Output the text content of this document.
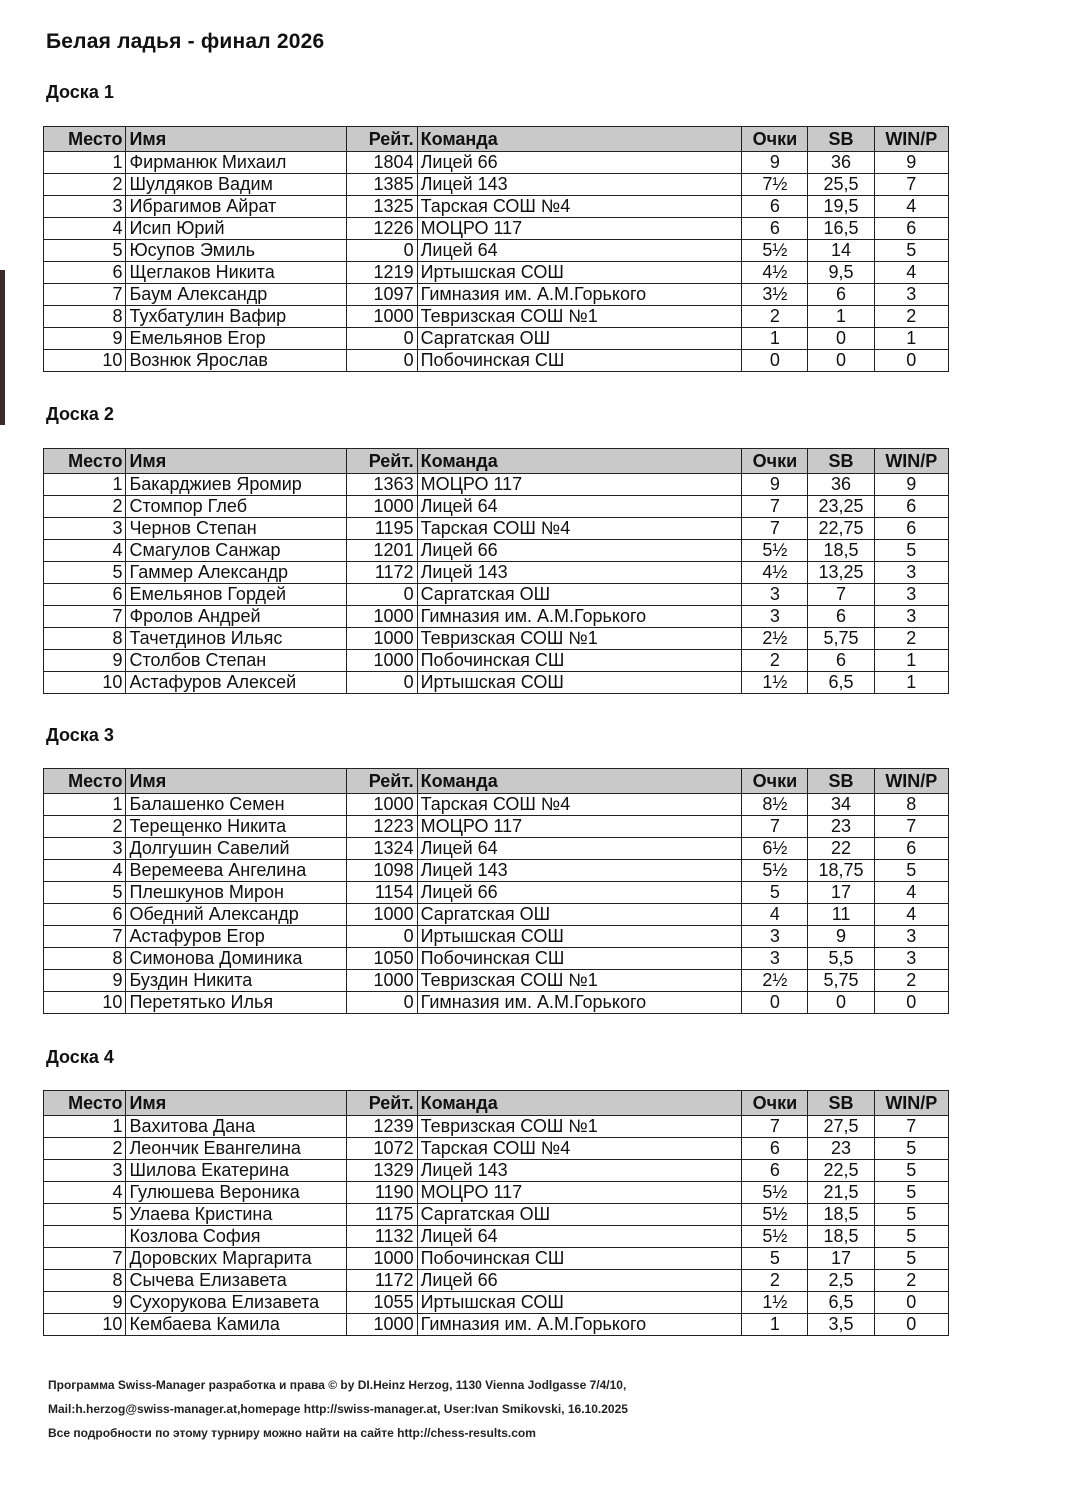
Белая ладья - финал 2026
Доска 1
Место	Имя	Рейт.	Команда	Очки	SB	WIN/P
1	Фирманюк Михаил	1804	Лицей 66	9	36	9
2	Шулдяков Вадим	1385	Лицей 143	7½	25,5	7
3	Ибрагимов Айрат	1325	Тарская СОШ №4	6	19,5	4
4	Исип Юрий	1226	МОЦРО 117	6	16,5	6
5	Юсупов Эмиль	0	Лицей 64	5½	14	5
6	Щеглаков Никита	1219	Иртышская СОШ	4½	9,5	4
7	Баум Александр	1097	Гимназия им. А.М.Горького	3½	6	3
8	Тухбатулин Вафир	1000	Тевризская СОШ №1	2	1	2
9	Емельянов Егор	0	Саргатская ОШ	1	0	1
10	Вознюк Ярослав	0	Побочинская СШ	0	0	0
Доска 2
Место	Имя	Рейт.	Команда	Очки	SB	WIN/P
1	Бакарджиев Яромир	1363	МОЦРО 117	9	36	9
2	Стомпор Глеб	1000	Лицей 64	7	23,25	6
3	Чернов Степан	1195	Тарская СОШ №4	7	22,75	6
4	Смагулов Санжар	1201	Лицей 66	5½	18,5	5
5	Гаммер Александр	1172	Лицей 143	4½	13,25	3
6	Емельянов Гордей	0	Саргатская ОШ	3	7	3
7	Фролов Андрей	1000	Гимназия им. А.М.Горького	3	6	3
8	Тачетдинов Ильяс	1000	Тевризская СОШ №1	2½	5,75	2
9	Столбов Степан	1000	Побочинская СШ	2	6	1
10	Астафуров Алексей	0	Иртышская СОШ	1½	6,5	1
Доска 3
Место	Имя	Рейт.	Команда	Очки	SB	WIN/P
1	Балашенко Семен	1000	Тарская СОШ №4	8½	34	8
2	Терещенко Никита	1223	МОЦРО 117	7	23	7
3	Долгушин Савелий	1324	Лицей 64	6½	22	6
4	Веремеева Ангелина	1098	Лицей 143	5½	18,75	5
5	Плешкунов Мирон	1154	Лицей 66	5	17	4
6	Обедний Александр	1000	Саргатская ОШ	4	11	4
7	Астафуров Егор	0	Иртышская СОШ	3	9	3
8	Симонова Доминика	1050	Побочинская СШ	3	5,5	3
9	Буздин Никита	1000	Тевризская СОШ №1	2½	5,75	2
10	Перетятько Илья	0	Гимназия им. А.М.Горького	0	0	0
Доска 4
Место	Имя	Рейт.	Команда	Очки	SB	WIN/P
1	Вахитова Дана	1239	Тевризская СОШ №1	7	27,5	7
2	Леончик Евангелина	1072	Тарская СОШ №4	6	23	5
3	Шилова Екатерина	1329	Лицей 143	6	22,5	5
4	Гулюшева Вероника	1190	МОЦРО 117	5½	21,5	5
5	Улаева Кристина	1175	Саргатская ОШ	5½	18,5	5
	Козлова София	1132	Лицей 64	5½	18,5	5
7	Доровских Маргарита	1000	Побочинская СШ	5	17	5
8	Сычева Елизавета	1172	Лицей 66	2	2,5	2
9	Сухорукова Елизавета	1055	Иртышская СОШ	1½	6,5	0
10	Кембаева Камила	1000	Гимназия им. А.М.Горького	1	3,5	0
Программа Swiss-Manager разработка и права © by DI.Heinz Herzog, 1130 Vienna Jodlgasse 7/4/10,
Mail:h.herzog@swiss-manager.at,homepage http://swiss-manager.at, User:Ivan Smikovski, 16.10.2025
Все подробности по этому турниру можно найти на сайте http://chess-results.com
